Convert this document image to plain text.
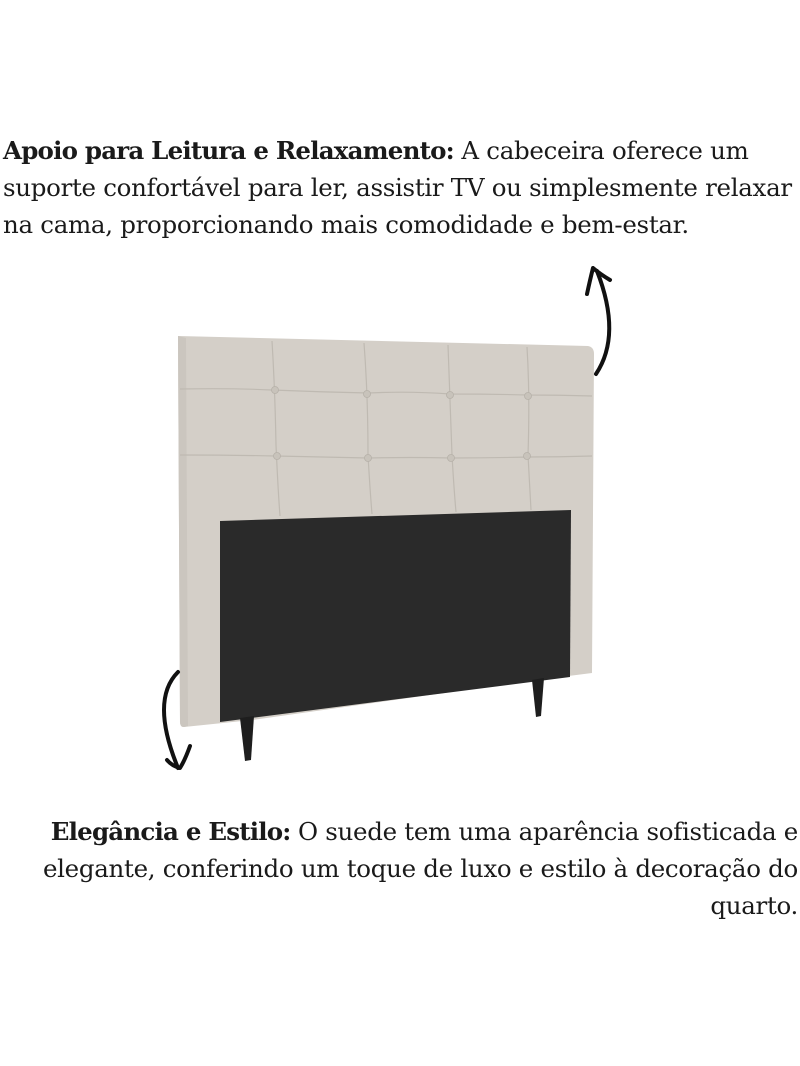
Apoio para Leitura e Relaxamento: A cabeceira oferece um suporte confortável para ler, assistir TV ou simplesmente relaxar na cama, proporcionando mais comodidade e bem-estar.
Elegância e Estilo: O suede tem uma aparência sofisticada e elegante, conferindo um toque de luxo e estilo à decoração do quarto.
